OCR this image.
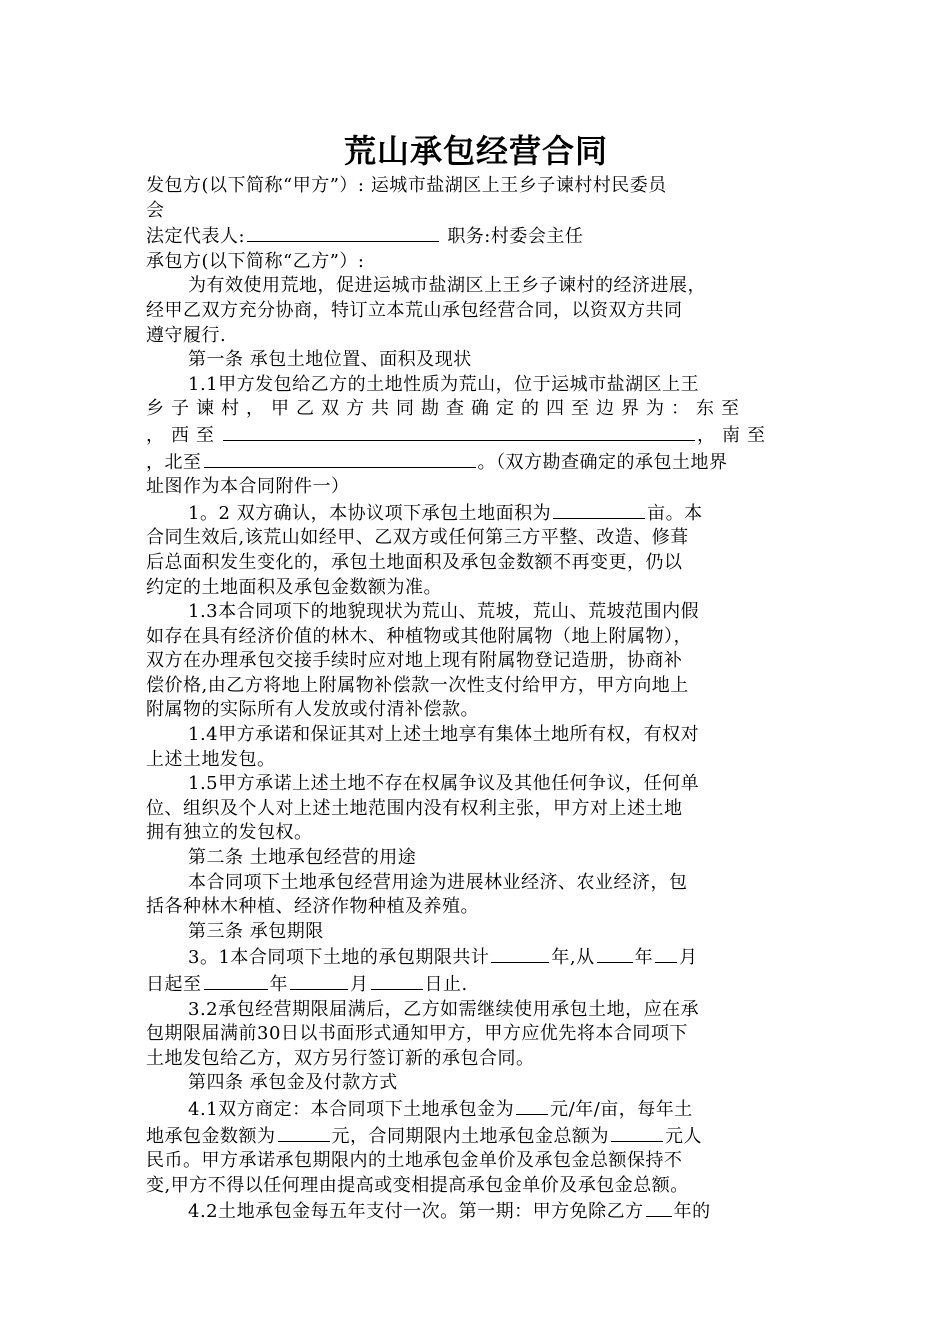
荒山承包经营合同
发包方(以下简称“甲方”）: 运城市盐湖区上王乡子谏村村民委员
会
法定代表人:	职务:村委会主任
承包方(以下简称“乙方”）:
为有效使用荒地，促进运城市盐湖区上王乡子谏村的经济进展，
经甲乙双方充分协商，特订立本荒山承包经营合同，以资双方共同
遵守履行.
第一条 承包土地位置、面积及现状
1.1甲方发包给乙方的土地性质为荒山，位于运城市盐湖区上王
乡子谏村，甲乙双方共同勘查确定的四至边界为：东至
，西至	，南至
，北至	。（双方勘查确定的承包土地界
址图作为本合同附件一）
1。2 双方确认，本协议项下承包土地面积为	亩。本
合同生效后,该荒山如经甲、乙双方或任何第三方平整、改造、修葺
后总面积发生变化的，承包土地面积及承包金数额不再变更，仍以
约定的土地面积及承包金数额为准。
1.3本合同项下的地貌现状为荒山、荒坡，荒山、荒坡范围内假
如存在具有经济价值的林木、种植物或其他附属物（地上附属物），
双方在办理承包交接手续时应对地上现有附属物登记造册，协商补
偿价格,由乙方将地上附属物补偿款一次性支付给甲方，甲方向地上
附属物的实际所有人发放或付清补偿款。
1.4甲方承诺和保证其对上述土地享有集体土地所有权，有权对
上述土地发包。
1.5甲方承诺上述土地不存在权属争议及其他任何争议，任何单
位、组织及个人对上述土地范围内没有权利主张，甲方对上述土地
拥有独立的发包权。
第二条 土地承包经营的用途
本合同项下土地承包经营用途为进展林业经济、农业经济，包
括各种林木种植、经济作物种植及养殖。
第三条 承包期限
3。1本合同项下土地的承包期限共计	年,从 年 月
日起至	年	月	日止.
3.2承包经营期限届满后，乙方如需继续使用承包土地，应在承
包期限届满前30日以书面形式通知甲方，甲方应优先将本合同项下
土地发包给乙方，双方另行签订新的承包合同。
第四条 承包金及付款方式
4.1双方商定：本合同项下土地承包金为 元/年/亩，每年土
地承包金数额为	元，合同期限内土地承包金总额为	元人
民币。甲方承诺承包期限内的土地承包金单价及承包金总额保持不
变,甲方不得以任何理由提高或变相提高承包金单价及承包金总额。
4.2土地承包金每五年支付一次。第一期：甲方免除乙方 年的
